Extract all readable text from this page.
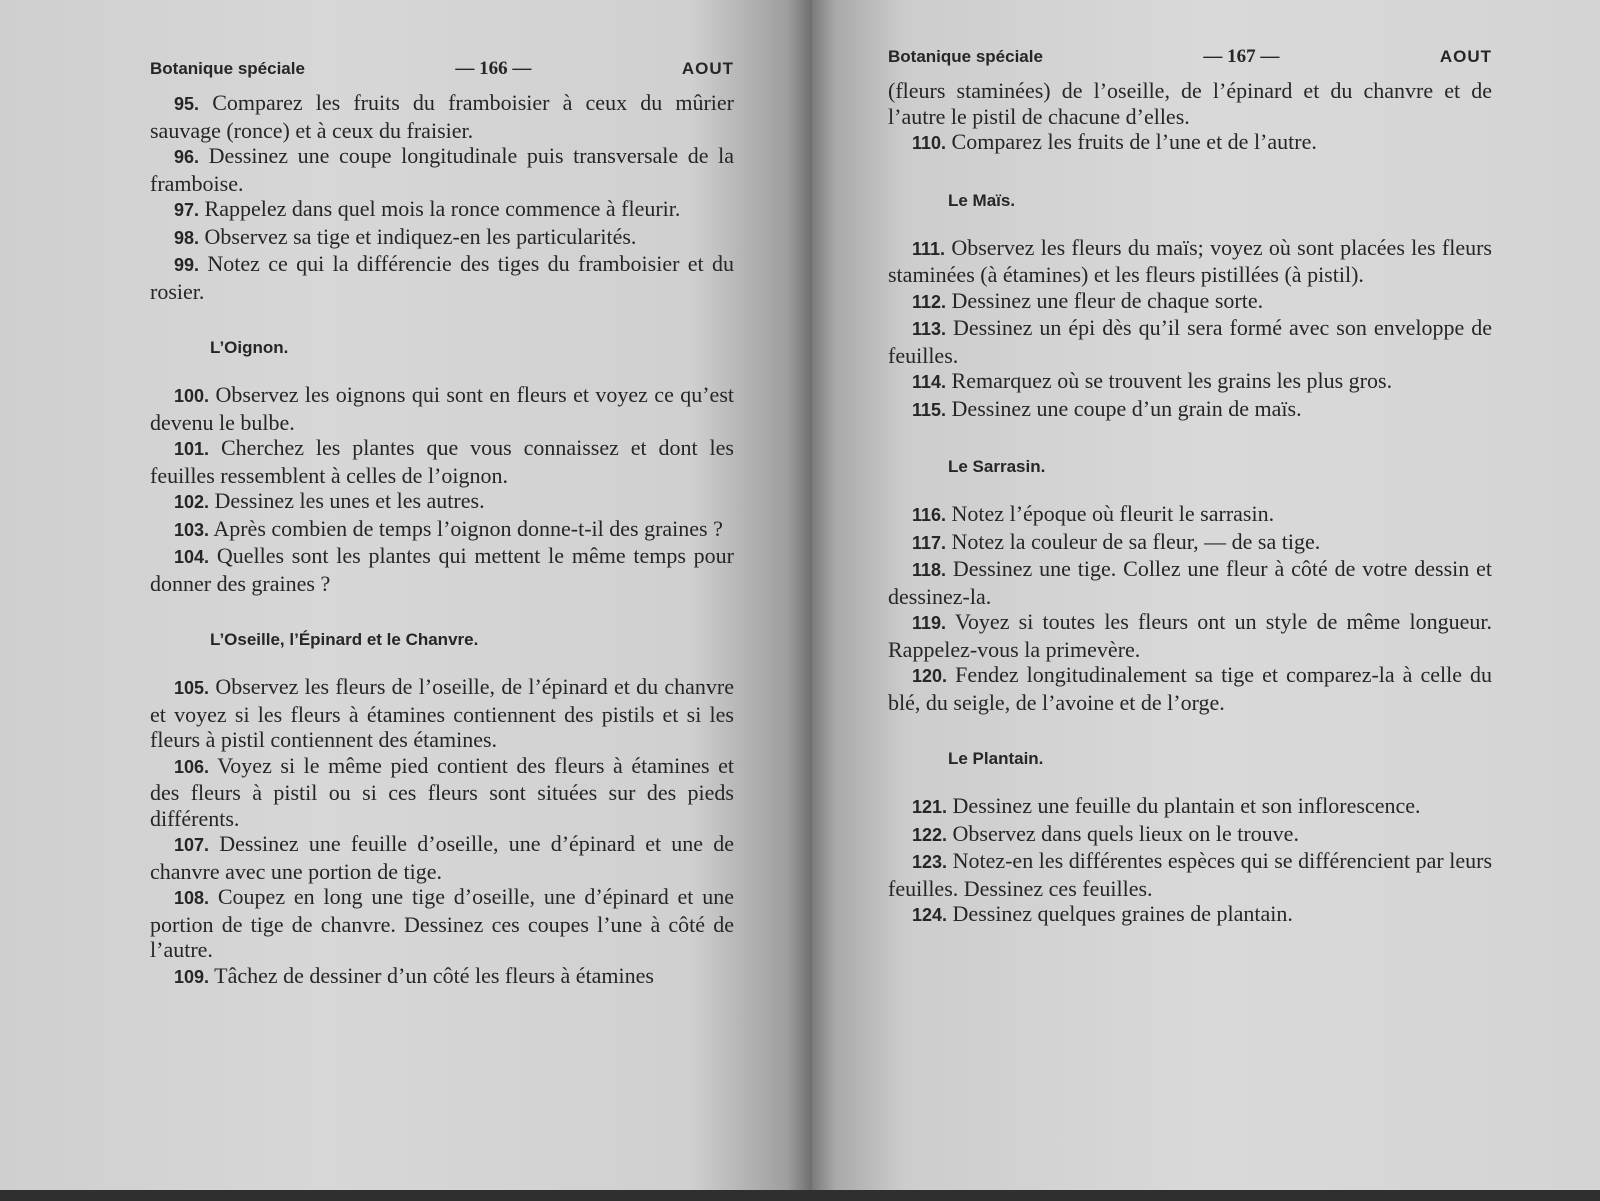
Botanique spéciale	— 166 —	AOUT

95. Comparez les fruits du framboisier à ceux du mûrier sauvage (ronce) et à ceux du fraisier.

96. Dessinez une coupe longitudinale puis transversale de la framboise.

97. Rappelez dans quel mois la ronce commence à fleurir.

98. Observez sa tige et indiquez-en les particularités.

99. Notez ce qui la différencie des tiges du framboisier et du rosier.

L’Oignon.

100. Observez les oignons qui sont en fleurs et voyez ce qu’est devenu le bulbe.

101. Cherchez les plantes que vous connaissez et dont les feuilles ressemblent à celles de l’oignon.

102. Dessinez les unes et les autres.

103. Après combien de temps l’oignon donne-t-il des graines ?

104. Quelles sont les plantes qui mettent le même temps pour donner des graines ?

L’Oseille, l’Épinard et le Chanvre.

105. Observez les fleurs de l’oseille, de l’épinard et du chanvre et voyez si les fleurs à étamines contiennent des pistils et si les fleurs à pistil contiennent des étamines.

106. Voyez si le même pied contient des fleurs à étamines et des fleurs à pistil ou si ces fleurs sont situées sur des pieds différents.

107. Dessinez une feuille d’oseille, une d’épinard et une de chanvre avec une portion de tige.

108. Coupez en long une tige d’oseille, une d’épinard et une portion de tige de chanvre. Dessinez ces coupes l’une à côté de l’autre.

109. Tâchez de dessiner d’un côté les fleurs à étamines

Botanique spéciale	— 167 —	AOUT

(fleurs staminées) de l’oseille, de l’épinard et du chanvre et de l’autre le pistil de chacune d’elles.

110. Comparez les fruits de l’une et de l’autre.

Le Maïs.

111. Observez les fleurs du maïs; voyez où sont placées les fleurs staminées (à étamines) et les fleurs pistillées (à pistil).

112. Dessinez une fleur de chaque sorte.

113. Dessinez un épi dès qu’il sera formé avec son enveloppe de feuilles.

114. Remarquez où se trouvent les grains les plus gros.

115. Dessinez une coupe d’un grain de maïs.

Le Sarrasin.

116. Notez l’époque où fleurit le sarrasin.

117. Notez la couleur de sa fleur, — de sa tige.

118. Dessinez une tige. Collez une fleur à côté de votre dessin et dessinez-la.

119. Voyez si toutes les fleurs ont un style de même longueur. Rappelez-vous la primevère.

120. Fendez longitudinalement sa tige et comparez-la à celle du blé, du seigle, de l’avoine et de l’orge.

Le Plantain.

121. Dessinez une feuille du plantain et son inflorescence.

122. Observez dans quels lieux on le trouve.

123. Notez-en les différentes espèces qui se différencient par leurs feuilles. Dessinez ces feuilles.

124. Dessinez quelques graines de plantain.
